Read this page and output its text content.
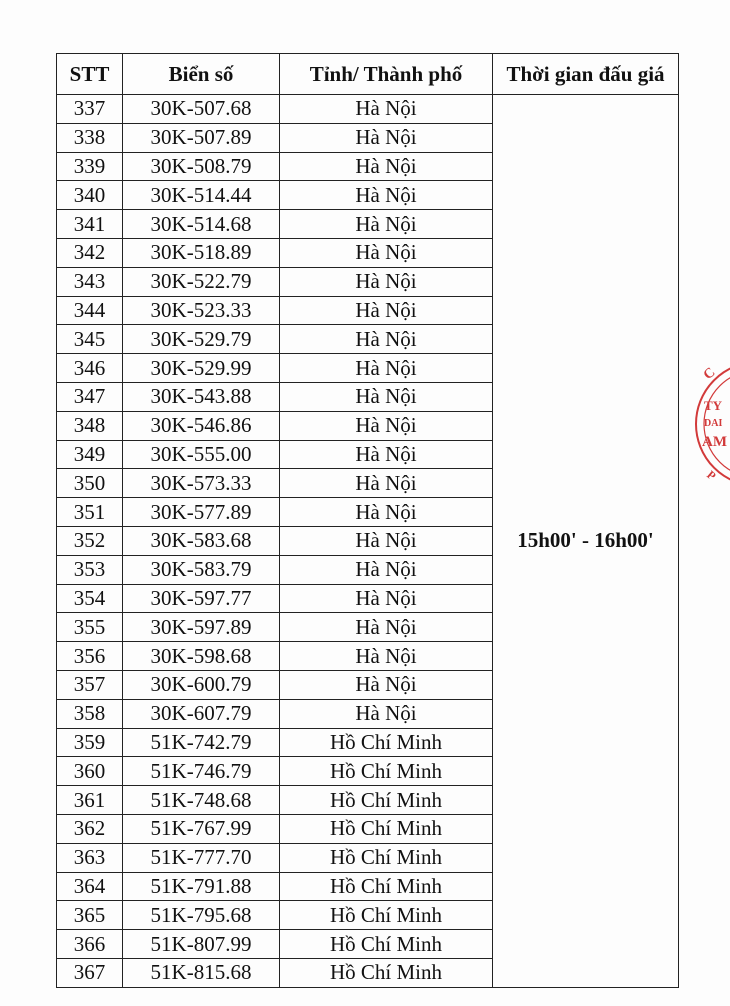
STT	Biển số	Tỉnh/ Thành phố	Thời gian đấu giá
337	30K-507.68	Hà Nội	15h00' - 16h00'
338	30K-507.89	Hà Nội	
339	30K-508.79	Hà Nội	
340	30K-514.44	Hà Nội	
341	30K-514.68	Hà Nội	
342	30K-518.89	Hà Nội	
343	30K-522.79	Hà Nội	
344	30K-523.33	Hà Nội	
345	30K-529.79	Hà Nội	
346	30K-529.99	Hà Nội	
347	30K-543.88	Hà Nội	
348	30K-546.86	Hà Nội	
349	30K-555.00	Hà Nội	
350	30K-573.33	Hà Nội	
351	30K-577.89	Hà Nội	
352	30K-583.68	Hà Nội	
353	30K-583.79	Hà Nội	
354	30K-597.77	Hà Nội	
355	30K-597.89	Hà Nội	
356	30K-598.68	Hà Nội	
357	30K-600.79	Hà Nội	
358	30K-607.79	Hà Nội	
359	51K-742.79	Hồ Chí Minh	
360	51K-746.79	Hồ Chí Minh	
361	51K-748.68	Hồ Chí Minh	
362	51K-767.99	Hồ Chí Minh	
363	51K-777.70	Hồ Chí Minh	
364	51K-791.88	Hồ Chí Minh	
365	51K-795.68	Hồ Chí Minh	
366	51K-807.99	Hồ Chí Minh	
367	51K-815.68	Hồ Chí Minh	
C
TY
DAI
AM
P
